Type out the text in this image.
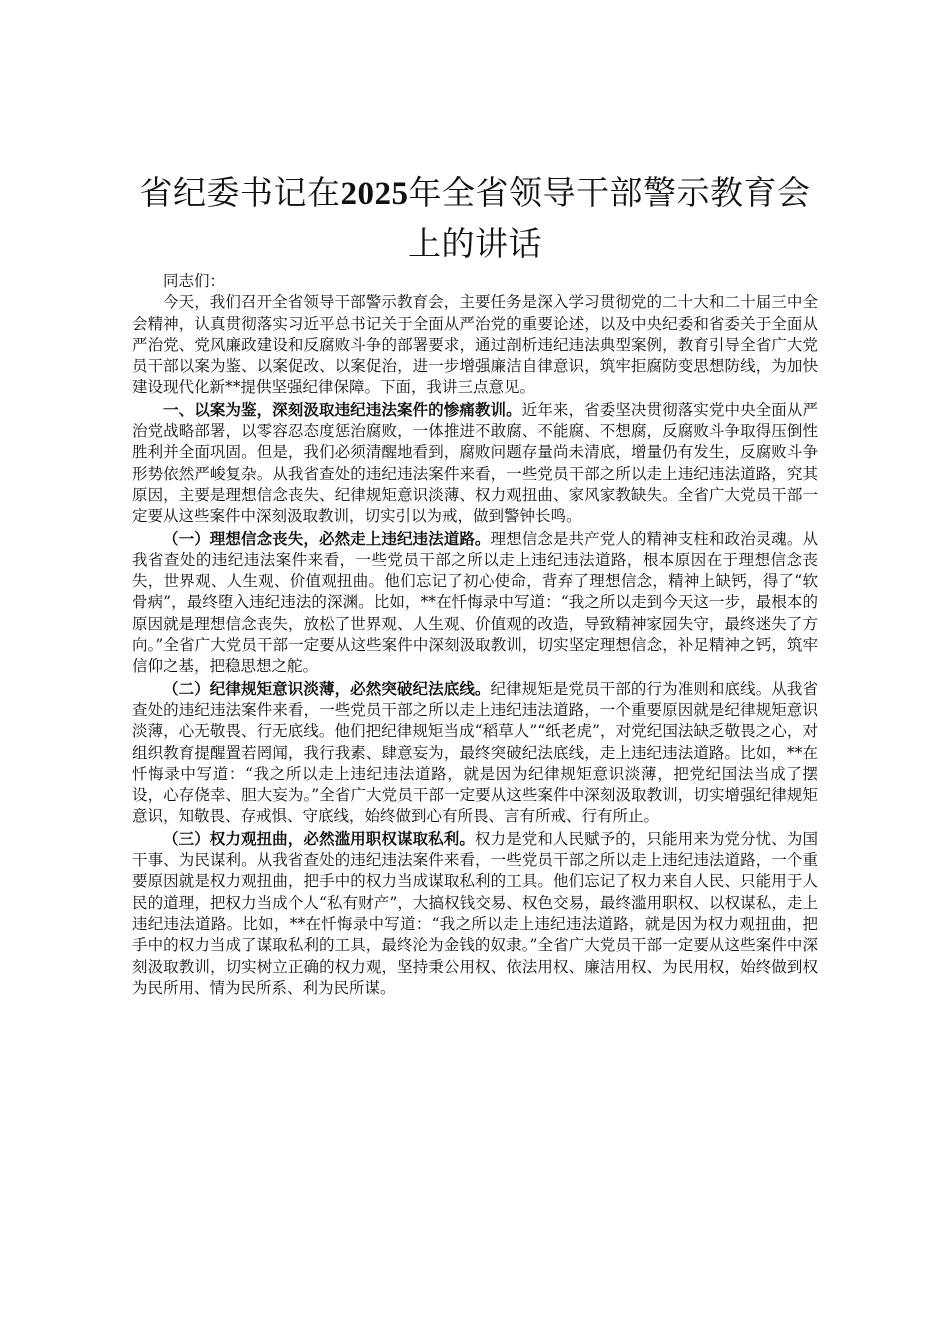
省纪委书记在2025年全省领导干部警示教育会上的讲话

同志们：

今天，我们召开全省领导干部警示教育会，主要任务是深入学习贯彻党的二十大和二十届三中全会精神，认真贯彻落实习近平总书记关于全面从严治党的重要论述，以及中央纪委和省委关于全面从严治党、党风廉政建设和反腐败斗争的部署要求，通过剖析违纪违法典型案例，教育引导全省广大党员干部以案为鉴、以案促改、以案促治，进一步增强廉洁自律意识，筑牢拒腐防变思想防线，为加快建设现代化新**提供坚强纪律保障。下面，我讲三点意见。

一、以案为鉴，深刻汲取违纪违法案件的惨痛教训。近年来，省委坚决贯彻落实党中央全面从严治党战略部署，以零容忍态度惩治腐败，一体推进不敢腐、不能腐、不想腐，反腐败斗争取得压倒性胜利并全面巩固。但是，我们必须清醒地看到，腐败问题存量尚未清底，增量仍有发生，反腐败斗争形势依然严峻复杂。从我省查处的违纪违法案件来看，一些党员干部之所以走上违纪违法道路，究其原因，主要是理想信念丧失、纪律规矩意识淡薄、权力观扭曲、家风家教缺失。全省广大党员干部一定要从这些案件中深刻汲取教训，切实引以为戒，做到警钟长鸣。

（一）理想信念丧失，必然走上违纪违法道路。理想信念是共产党人的精神支柱和政治灵魂。从我省查处的违纪违法案件来看，一些党员干部之所以走上违纪违法道路，根本原因在于理想信念丧失，世界观、人生观、价值观扭曲。他们忘记了初心使命，背弃了理想信念，精神上缺钙，得了“软骨病”，最终堕入违纪违法的深渊。比如，**在忏悔录中写道：“我之所以走到今天这一步，最根本的原因就是理想信念丧失，放松了世界观、人生观、价值观的改造，导致精神家园失守，最终迷失了方向。”全省广大党员干部一定要从这些案件中深刻汲取教训，切实坚定理想信念，补足精神之钙，筑牢信仰之基，把稳思想之舵。

（二）纪律规矩意识淡薄，必然突破纪法底线。纪律规矩是党员干部的行为准则和底线。从我省查处的违纪违法案件来看，一些党员干部之所以走上违纪违法道路，一个重要原因就是纪律规矩意识淡薄，心无敬畏、行无底线。他们把纪律规矩当成“稻草人”“纸老虎”，对党纪国法缺乏敬畏之心，对组织教育提醒置若罔闻，我行我素、肆意妄为，最终突破纪法底线，走上违纪违法道路。比如，**在忏悔录中写道：“我之所以走上违纪违法道路，就是因为纪律规矩意识淡薄，把党纪国法当成了摆设，心存侥幸、胆大妄为。”全省广大党员干部一定要从这些案件中深刻汲取教训，切实增强纪律规矩意识，知敬畏、存戒惧、守底线，始终做到心有所畏、言有所戒、行有所止。

（三）权力观扭曲，必然滥用职权谋取私利。权力是党和人民赋予的，只能用来为党分忧、为国干事、为民谋利。从我省查处的违纪违法案件来看，一些党员干部之所以走上违纪违法道路，一个重要原因就是权力观扭曲，把手中的权力当成谋取私利的工具。他们忘记了权力来自人民、只能用于人民的道理，把权力当成个人“私有财产”，大搞权钱交易、权色交易，最终滥用职权、以权谋私，走上违纪违法道路。比如，**在忏悔录中写道：“我之所以走上违纪违法道路，就是因为权力观扭曲，把手中的权力当成了谋取私利的工具，最终沦为金钱的奴隶。”全省广大党员干部一定要从这些案件中深刻汲取教训，切实树立正确的权力观，坚持秉公用权、依法用权、廉洁用权、为民用权，始终做到权为民所用、情为民所系、利为民所谋。
